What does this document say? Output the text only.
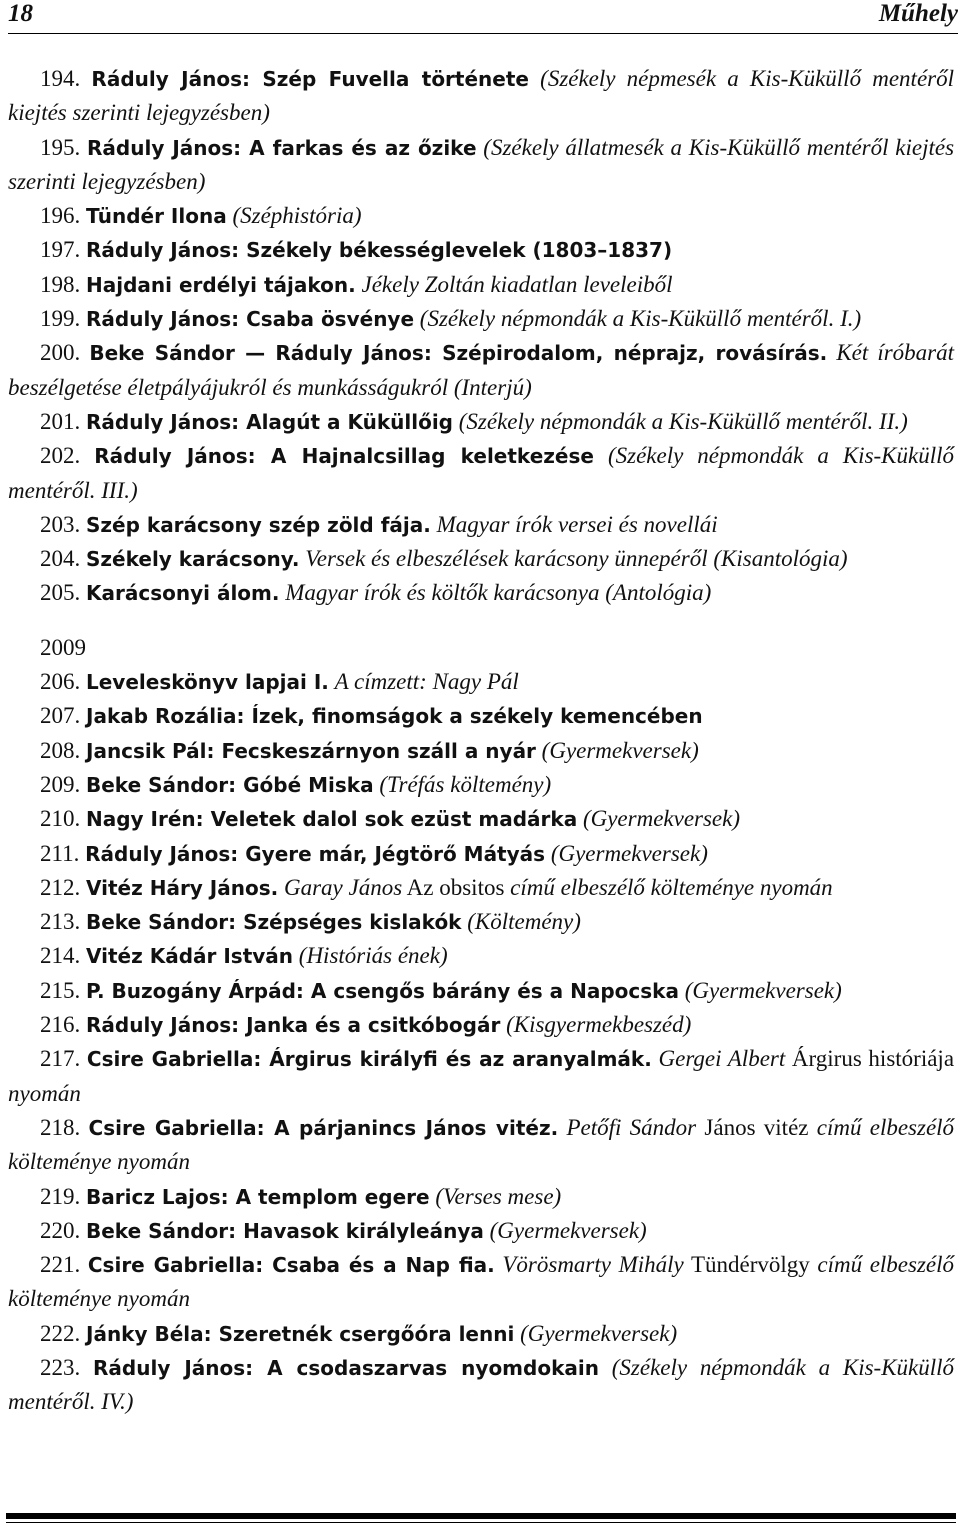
18	Műhely
194. Ráduly János: Szép Fuvella története (Székely népmesék a Kis-Küküllő mentéről kiejtés szerinti lejegyzésben)
195. Ráduly János: A farkas és az őzike (Székely állatmesék a Kis-Küküllő mentéről kiejtés szerinti lejegyzésben)
196. Tündér Ilona (Széphistória)
197. Ráduly János: Székely békességlevelek (1803–1837)
198. Hajdani erdélyi tájakon. Jékely Zoltán kiadatlan leveleiből
199. Ráduly János: Csaba ösvénye (Székely népmondák a Kis-Küküllő mentéről. I.)
200. Beke Sándor — Ráduly János: Szépirodalom, néprajz, rovásírás. Két íróbarát beszélgetése életpályájukról és munkásságukról (Interjú)
201. Ráduly János: Alagút a Küküllőig (Székely népmondák a Kis-Küküllő mentéről. II.)
202. Ráduly János: A Hajnalcsillag keletkezése (Székely népmondák a Kis-Küküllő mentéről. III.)
203. Szép karácsony szép zöld fája. Magyar írók versei és novellái
204. Székely karácsony. Versek és elbeszélések karácsony ünnepéről (Kisantológia)
205. Karácsonyi álom. Magyar írók és költők karácsonya (Antológia)
2009
206. Leveleskönyv lapjai I. A címzett: Nagy Pál
207. Jakab Rozália: Ízek, finomságok a székely kemencében
208. Jancsik Pál: Fecskeszárnyon száll a nyár (Gyermekversek)
209. Beke Sándor: Góbé Miska (Tréfás költemény)
210. Nagy Irén: Veletek dalol sok ezüst madárka (Gyermekversek)
211. Ráduly János: Gyere már, Jégtörő Mátyás (Gyermekversek)
212. Vitéz Háry János. Garay János Az obsitos című elbeszélő költeménye nyomán
213. Beke Sándor: Szépséges kislakók (Költemény)
214. Vitéz Kádár István (Históriás ének)
215. P. Buzogány Árpád: A csengős bárány és a Napocska (Gyermekversek)
216. Ráduly János: Janka és a csitkóbogár (Kisgyermekbeszéd)
217. Csire Gabriella: Árgirus királyfi és az aranyalmák. Gergei Albert Árgirus históriája nyomán
218. Csire Gabriella: A párjanincs János vitéz. Petőfi Sándor János vitéz című elbeszélő költeménye nyomán
219. Baricz Lajos: A templom egere (Verses mese)
220. Beke Sándor: Havasok királyleánya (Gyermekversek)
221. Csire Gabriella: Csaba és a Nap fia. Vörösmarty Mihály Tündérvölgy című elbeszélő költeménye nyomán
222. Jánky Béla: Szeretnék csergőóra lenni (Gyermekversek)
223. Ráduly János: A csodaszarvas nyomdokain (Székely népmondák a Kis-Küküllő mentéről. IV.)
